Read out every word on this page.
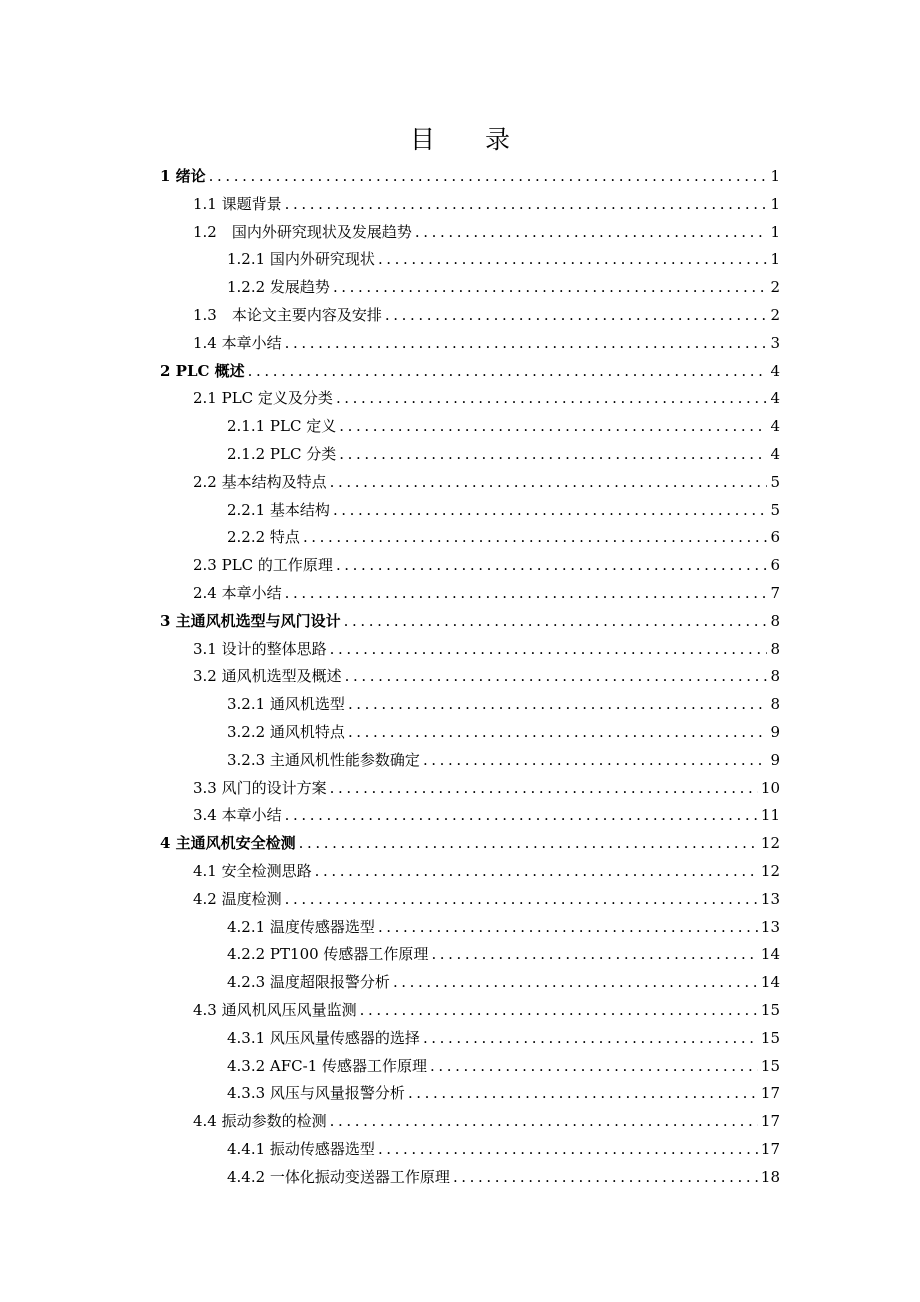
目　　录
1 绪论 .....	1
1.1 课题背景 .....	1
1.2　国内外研究现状及发展趋势 .....	1
1.2.1 国内外研究现状 .....	1
1.2.2 发展趋势 .....	2
1.3　本论文主要内容及安排 .....	2
1.4 本章小结 .....	3
2 PLC 概述 .....	4
2.1 PLC 定义及分类 .....	4
2.1.1 PLC 定义 .....	4
2.1.2 PLC 分类 .....	4
2.2 基本结构及特点 .....	5
2.2.1 基本结构 .....	5
2.2.2 特点 .....	6
2.3 PLC 的工作原理 .....	6
2.4 本章小结 .....	7
3 主通风机选型与风门设计 .....	8
3.1 设计的整体思路 .....	8
3.2 通风机选型及概述 .....	8
3.2.1 通风机选型 .....	8
3.2.2 通风机特点 .....	9
3.2.3 主通风机性能参数确定 .....	9
3.3 风门的设计方案 .....	10
3.4 本章小结 .....	11
4 主通风机安全检测 .....	12
4.1 安全检测思路 .....	12
4.2 温度检测 .....	13
4.2.1 温度传感器选型 .....	13
4.2.2 PT100 传感器工作原理 .....	14
4.2.3 温度超限报警分析 .....	14
4.3 通风机风压风量监测 .....	15
4.3.1 风压风量传感器的选择 .....	15
4.3.2 AFC-1 传感器工作原理 .....	15
4.3.3 风压与风量报警分析 .....	17
4.4 振动参数的检测 .....	17
4.4.1 振动传感器选型 .....	17
4.4.2 一体化振动变送器工作原理 .....	18
